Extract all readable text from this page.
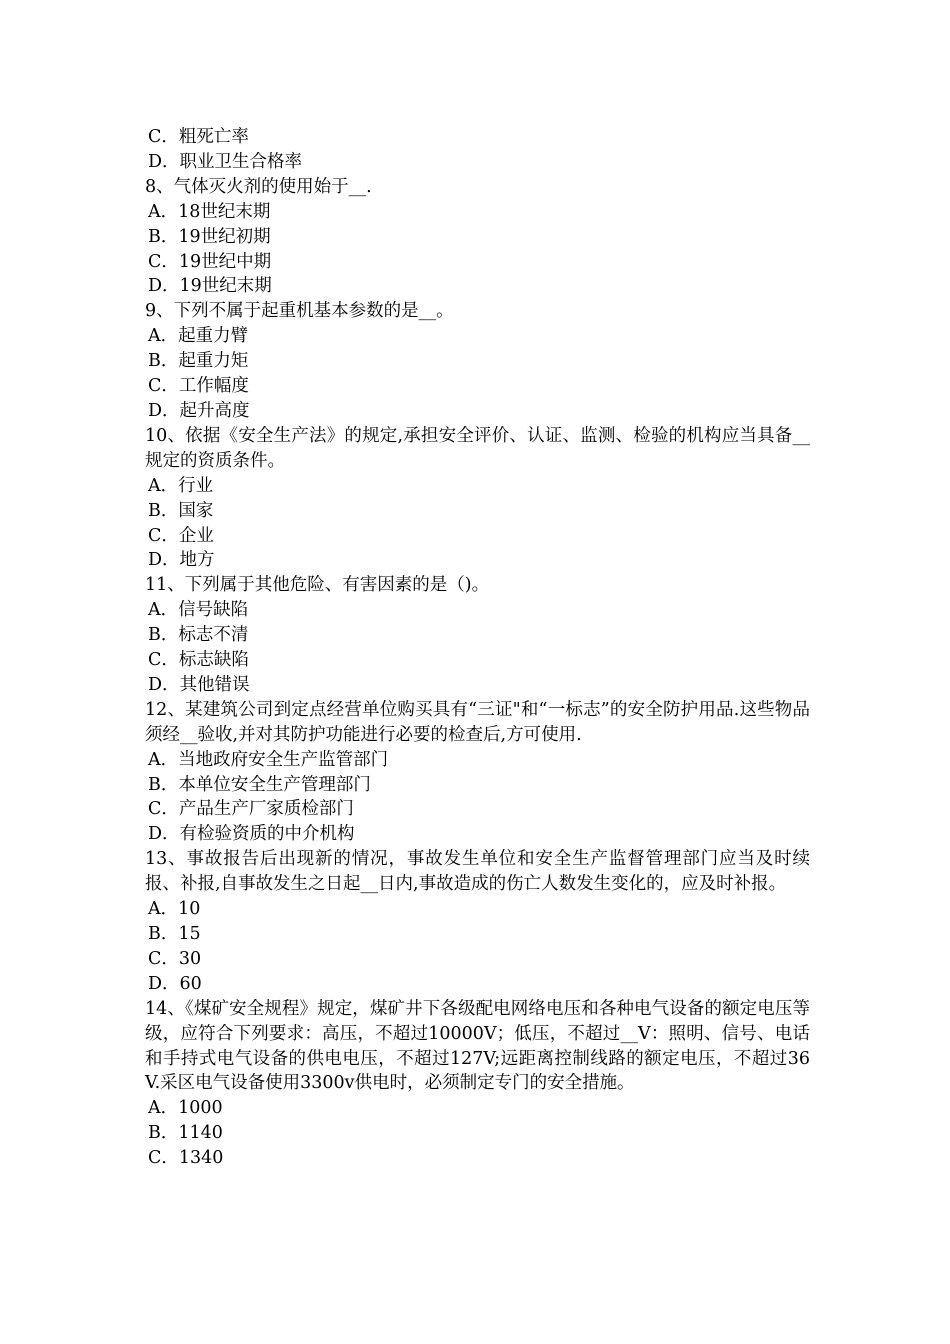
C．粗死亡率
D．职业卫生合格率
8、气体灭火剂的使用始于__.
A．18世纪末期
B．19世纪初期
C．19世纪中期
D．19世纪末期
9、下列不属于起重机基本参数的是__。
A．起重力臂
B．起重力矩
C．工作幅度
D．起升高度
10、依据《安全生产法》的规定,承担安全评价、认证、监测、检验的机构应当具备__规定的资质条件。
A．行业
B．国家
C．企业
D．地方
11、下列属于其他危险、有害因素的是（)。
A．信号缺陷
B．标志不清
C．标志缺陷
D．其他错误
12、某建筑公司到定点经营单位购买具有“三证"和“一标志”的安全防护用品.这些物品须经__验收,并对其防护功能进行必要的检查后,方可使用.
A．当地政府安全生产监管部门
B．本单位安全生产管理部门
C．产品生产厂家质检部门
D．有检验资质的中介机构
13、事故报告后出现新的情况，事故发生单位和安全生产监督管理部门应当及时续报、补报,自事故发生之日起__日内,事故造成的伤亡人数发生变化的，应及时补报。
A．10
B．15
C．30
D．60
14、《煤矿安全规程》规定，煤矿井下各级配电网络电压和各种电气设备的额定电压等级，应符合下列要求：高压，不超过10000V；低压，不超过__V：照明、信号、电话和手持式电气设备的供电电压，不超过127V;远距离控制线路的额定电压，不超过36V.采区电气设备使用3300v供电时，必须制定专门的安全措施。
A．1000
B．1140
C．1340
